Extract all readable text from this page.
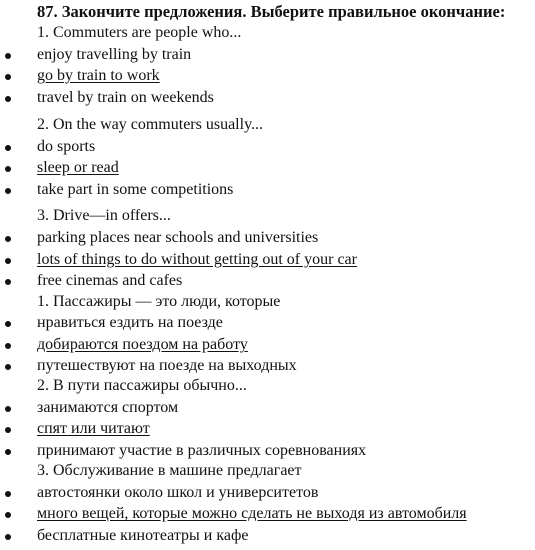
87. Закончите предложения. Выберите правильное окончание:
1. Commuters are people who...
enjoy travelling by train
go by train to work
travel by train on weekends
2. On the way commuters usually...
do sports
sleep or read
take part in some competitions
3. Drive—in offers...
parking places near schools and universities
lots of things to do without getting out of your car
free cinemas and cafes
1. Пассажиры — это люди, которые
нравиться ездить на поезде
добираются поездом на работу
путешествуют на поезде на выходных
2. В пути пассажиры обычно...
занимаются спортом
спят или читают
принимают участие в различных соревнованиях
3. Обслуживание в машине предлагает
автостоянки около школ и университетов
много вещей, которые можно сделать не выходя из автомобиля
бесплатные кинотеатры и кафе
